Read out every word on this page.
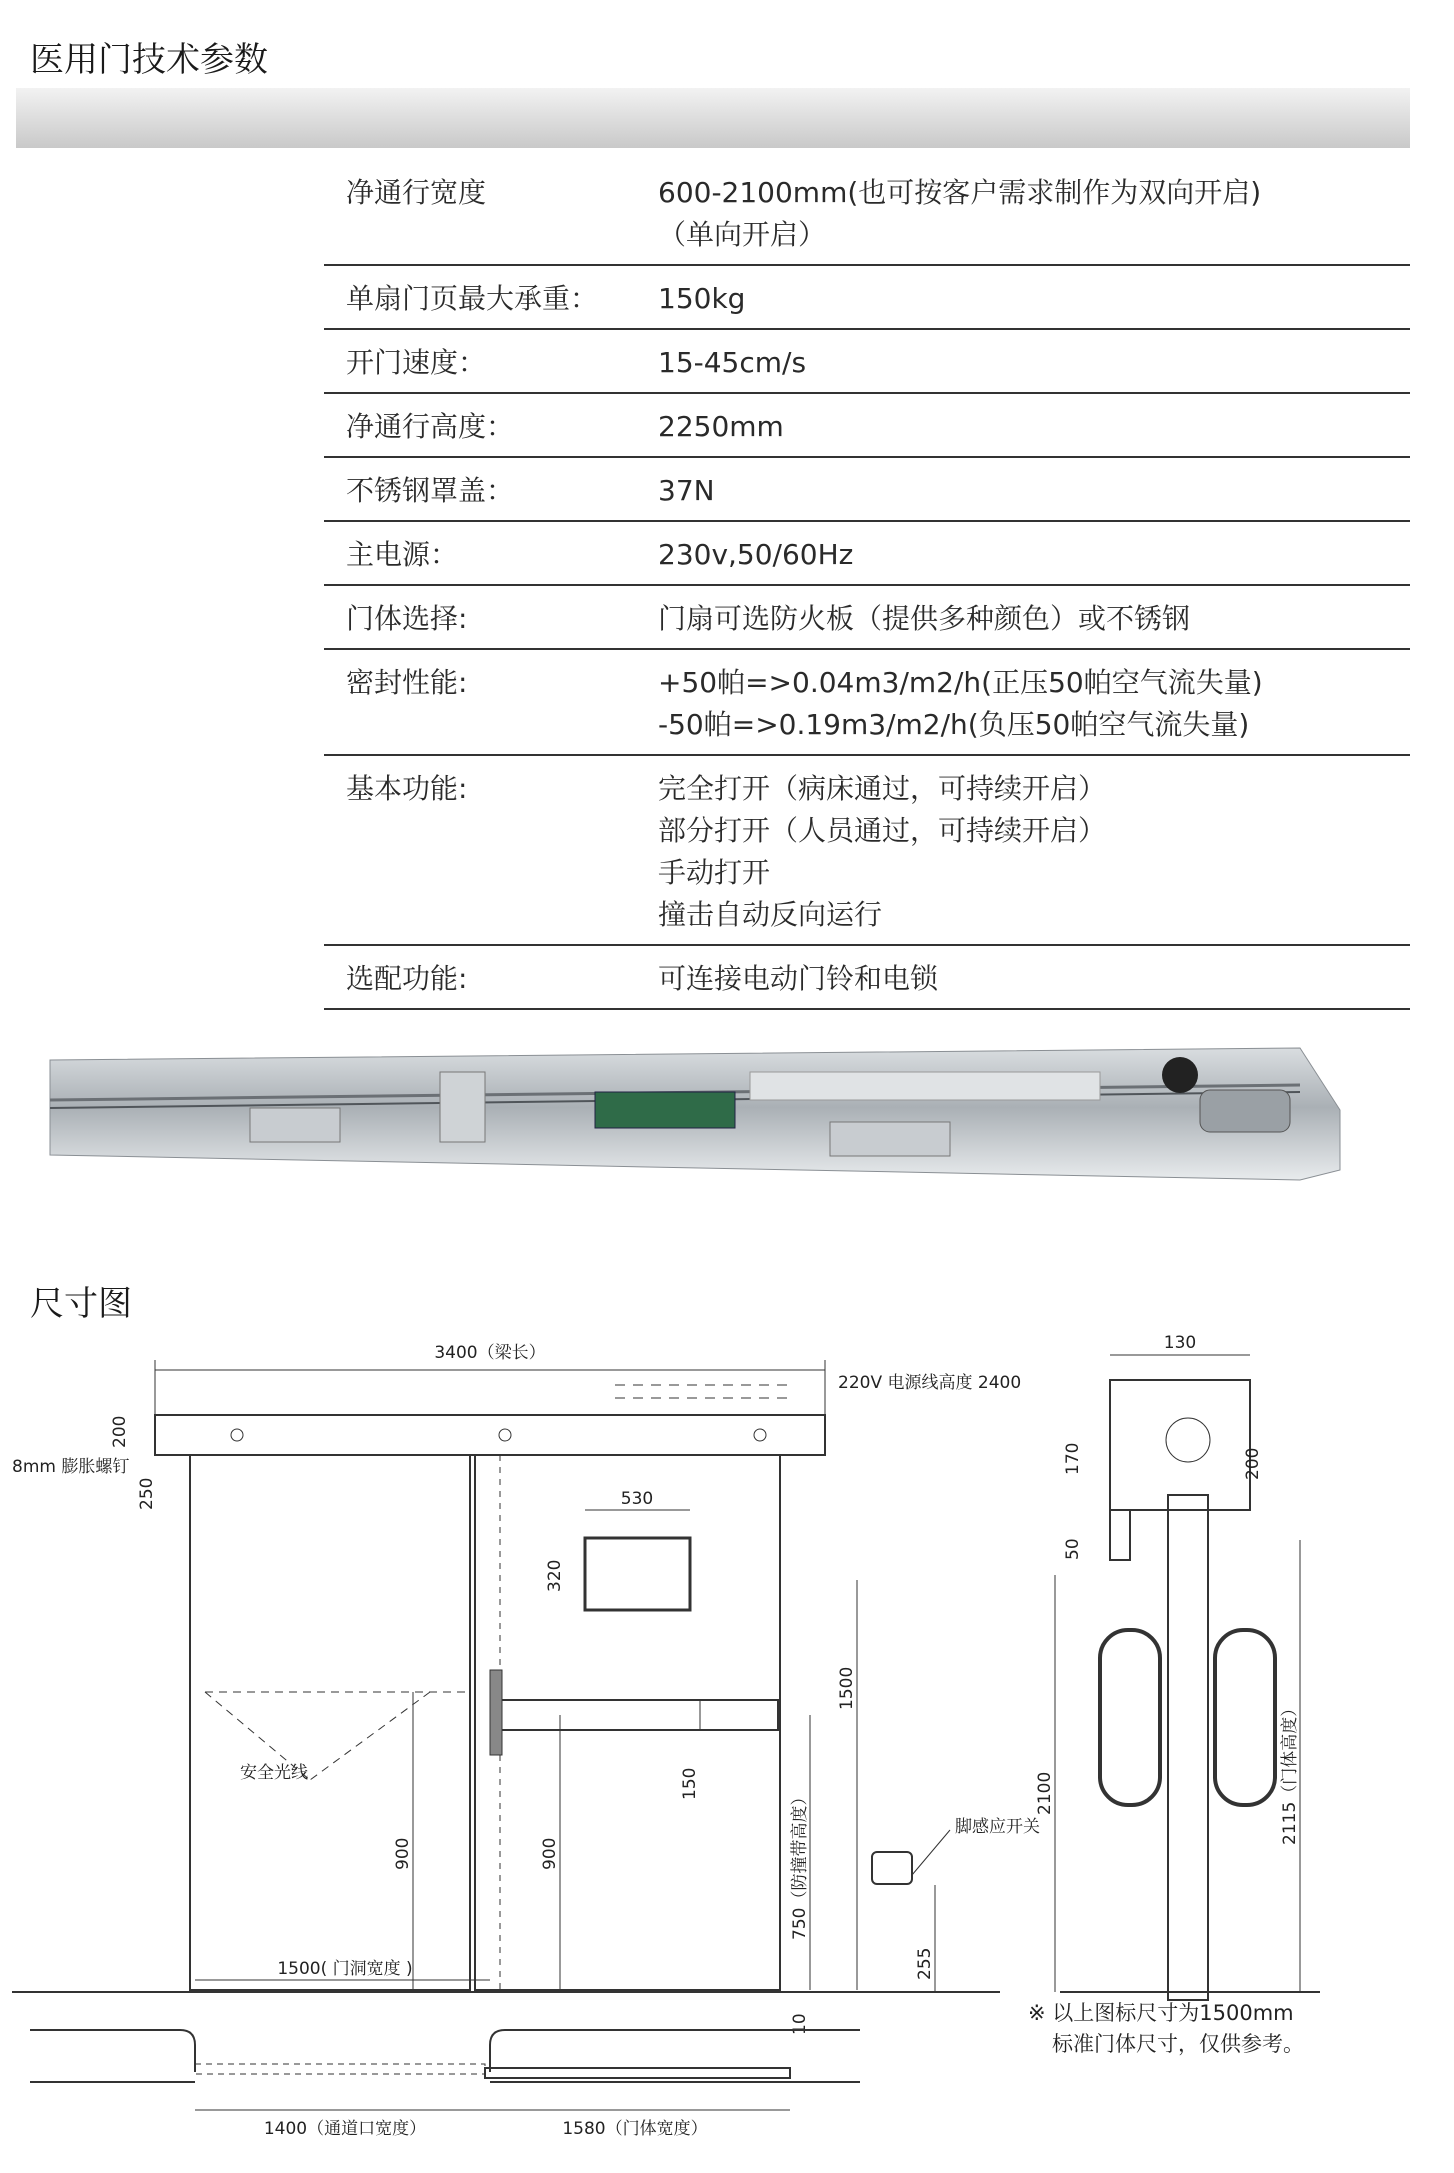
医用门技术参数
净通行宽度	600-2100mm(也可按客户需求制作为双向开启)
（单向开启）
单扇门页最大承重：	150kg
开门速度：	15-45cm/s
净通行高度：	2250mm
不锈钢罩盖：	37N
主电源：	230v,50/60Hz
门体选择:	门扇可选防火板（提供多种颜色）或不锈钢
密封性能:	+50帕=>0.04m3/m2/h(正压50帕空气流失量)
-50帕=>0.19m3/m2/h(负压50帕空气流失量)
基本功能:	完全打开（病床通过，可持续开启）
部分打开（人员通过，可持续开启）
手动打开
撞击自动反向运行
选配功能:	可连接电动门铃和电锁
尺寸图
3400（梁长）
220V 电源线高度 2400
8mm 膨胀螺钉
200
250	530
320
安全光线
900	900
150
1500
750（防撞带高度）
10
脚感应开关
255
130
170	200
50
2100	2115（门体高度）
1500( 门洞宽度 )
1400（通道口宽度）	1580（门体宽度）
※ 以上图标尺寸为1500mm
标准门体尺寸，仅供参考。
